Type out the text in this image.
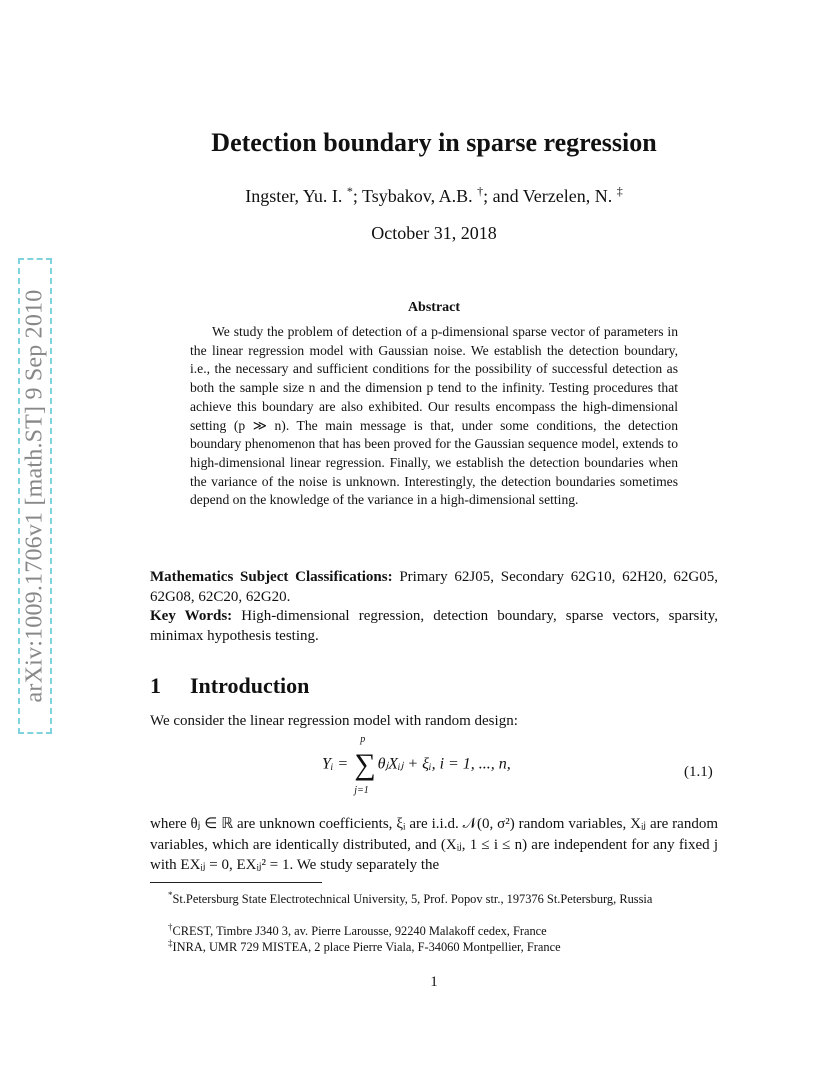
arXiv:1009.1706v1 [math.ST] 9 Sep 2010
Detection boundary in sparse regression
Ingster, Yu. I. *; Tsybakov, A.B. †; and Verzelen, N. ‡
October 31, 2018
Abstract
We study the problem of detection of a p-dimensional sparse vector of parameters in the linear regression model with Gaussian noise. We establish the detection boundary, i.e., the necessary and sufficient conditions for the possibility of successful detection as both the sample size n and the dimension p tend to the infinity. Testing procedures that achieve this boundary are also exhibited. Our results encompass the high-dimensional setting (p ≫ n). The main message is that, under some conditions, the detection boundary phenomenon that has been proved for the Gaussian sequence model, extends to high-dimensional linear regression. Finally, we establish the detection boundaries when the variance of the noise is unknown. Interestingly, the detection boundaries sometimes depend on the knowledge of the variance in a high-dimensional setting.
Mathematics Subject Classifications: Primary 62J05, Secondary 62G10, 62H20, 62G05, 62G08, 62C20, 62G20.
Key Words: High-dimensional regression, detection boundary, sparse vectors, sparsity, minimax hypothesis testing.
1 Introduction
We consider the linear regression model with random design:
Yᵢ = ∑
p
j=1
θⱼXᵢⱼ + ξᵢ, i = 1, ..., n,	(1.1)
where θⱼ ∈ ℝ are unknown coefficients, ξᵢ are i.i.d. 𝒩(0, σ²) random variables, Xᵢⱼ are random variables, which are identically distributed, and (Xᵢⱼ, 1 ≤ i ≤ n) are independent for any fixed j with EXᵢⱼ = 0, EXᵢⱼ² = 1. We study separately the
*St.Petersburg State Electrotechnical University, 5, Prof. Popov str., 197376 St.Petersburg, Russia
†CREST, Timbre J340 3, av. Pierre Larousse, 92240 Malakoff cedex, France
‡INRA, UMR 729 MISTEA, 2 place Pierre Viala, F-34060 Montpellier, France
1
